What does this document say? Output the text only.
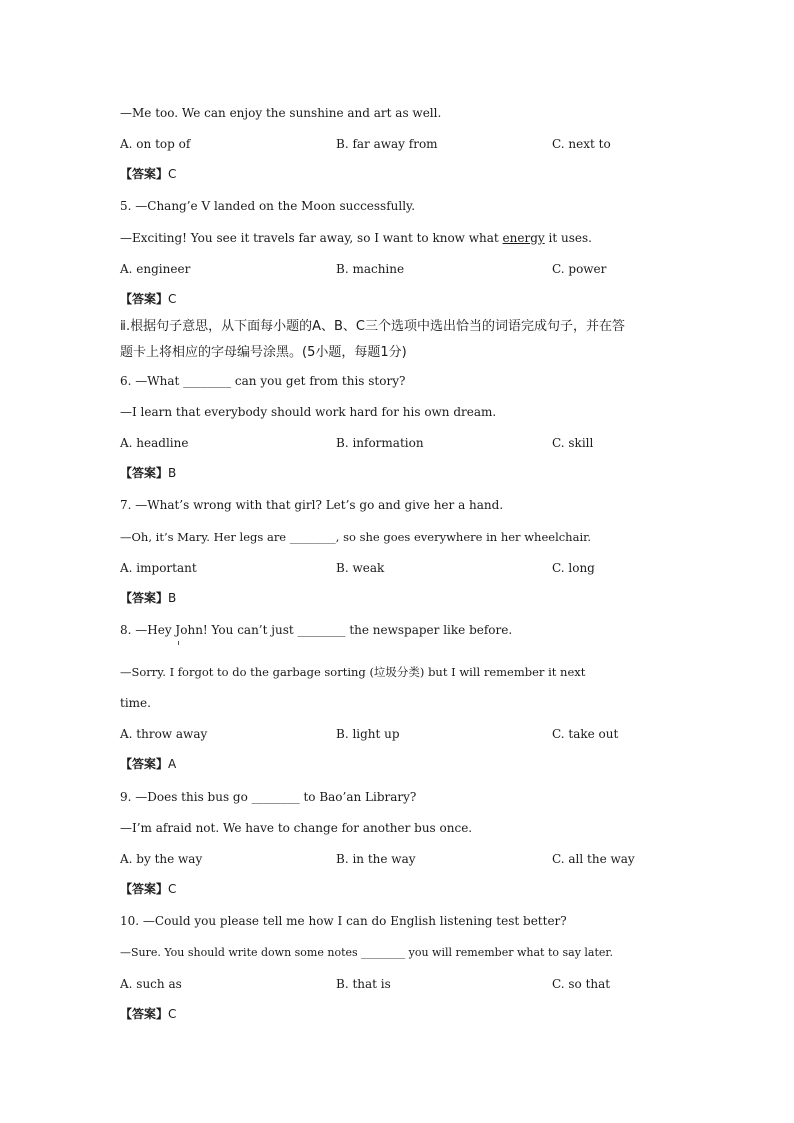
—Me too. We can enjoy the sunshine and art as well.
A. on top of	B. far away from	C. next to
【答案】C
5. —Chang’e V landed on the Moon successfully.
—Exciting! You see it travels far away, so I want to know what energy it uses.
A. engineer	B. machine	C. power
【答案】C
ⅱ.根据句子意思，从下面每小题的A、B、C三个选项中选出恰当的词语完成句子，并在答
题卡上将相应的字母编号涂黑。(5小题，每题1分)
6. —What ________ can you get from this story?
—I learn that everybody should work hard for his own dream.
A. headline	B. information	C. skill
【答案】B
7. —What’s wrong with that girl? Let’s go and give her a hand.
—Oh, it’s Mary. Her legs are ________, so she goes everywhere in her wheelchair.
A. important	B. weak	C. long
【答案】B
8. —Hey John! You can’t just ________ the newspaper like before.
—Sorry. I forgot to do the garbage sorting (垃圾分类) but I will remember it next
time.
A. throw away	B. light up	C. take out
【答案】A
9. —Does this bus go ________ to Bao’an Library?
—I’m afraid not. We have to change for another bus once.
A. by the way	B. in the way	C. all the way
【答案】C
10. —Could you please tell me how I can do English listening test better?
—Sure. You should write down some notes ________ you will remember what to say later.
A. such as	B. that is	C. so that
【答案】C
